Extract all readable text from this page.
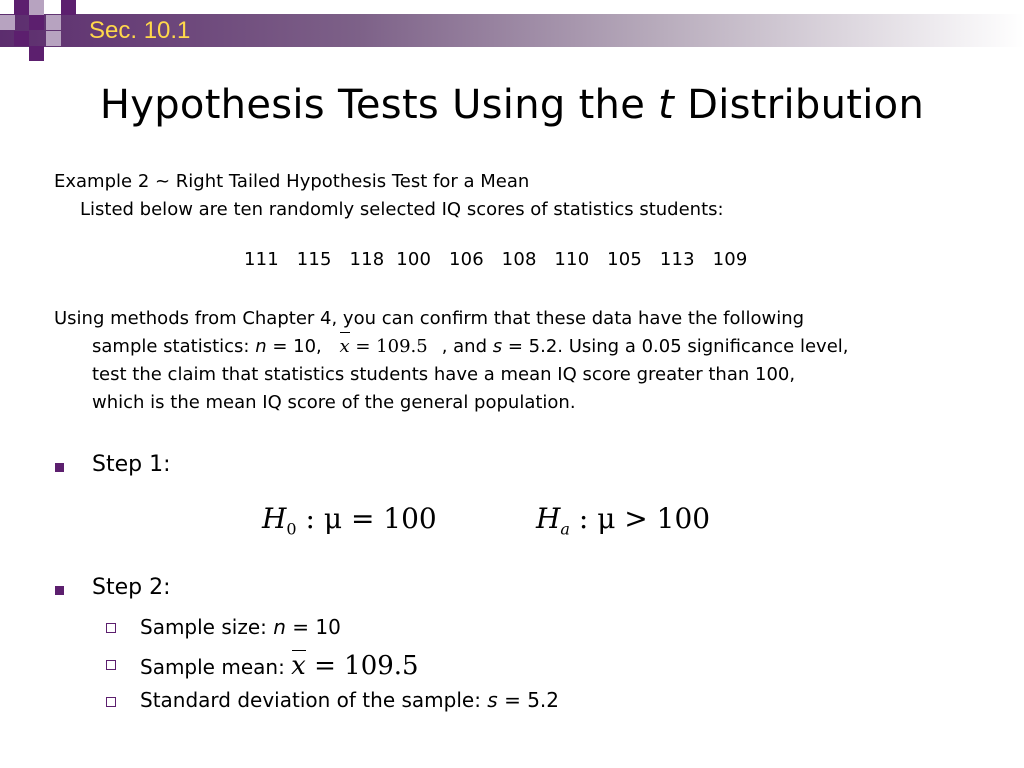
Sec. 10.1
Hypothesis Tests Using the t Distribution
Example 2 ~ Right Tailed Hypothesis Test for a Mean
Listed below are ten randomly selected IQ scores of statistics students:
111   115   118  100   106   108   110   105   113   109
Using methods from Chapter 4, you can confirm that these data have the following
sample statistics: n = 10, x = 109.5 , and s = 5.2. Using a 0.05 significance level,
test the claim that statistics students have a mean IQ score greater than 100,
which is the mean IQ score of the general population.
Step 1:
$H_0$ : μ = 100	$H_a$ : μ > 100
Step 2:
Sample size: n = 10
Sample mean: x = 109.5
Standard deviation of the sample: s = 5.2
